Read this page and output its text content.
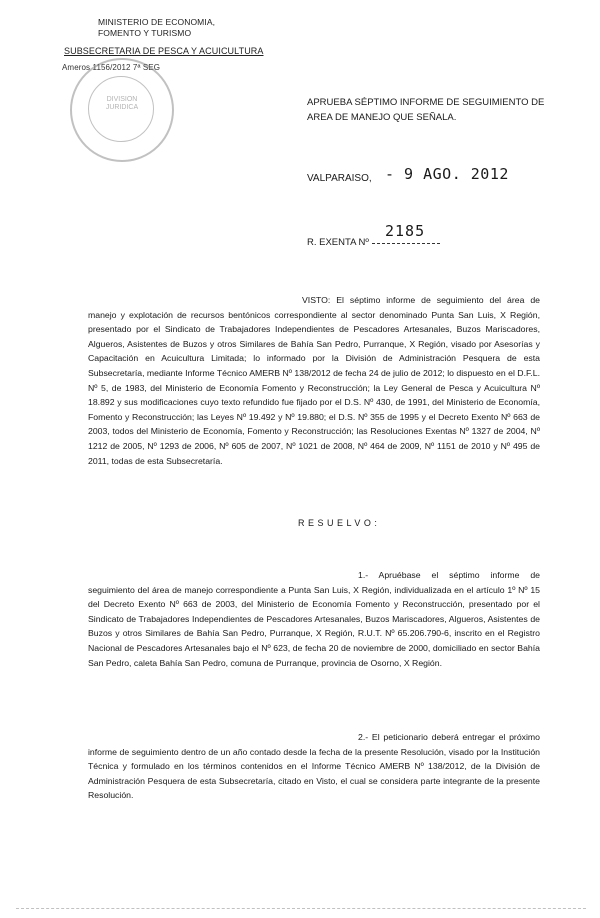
MINISTERIO DE ECONOMIA,
FOMENTO Y TURISMO
SUBSECRETARIA DE PESCA Y ACUICULTURA
Ameros 1156/2012 7ª SEG
DIVISION JURIDICA	APRUEBA SÉPTIMO INFORME DE SEGUIMIENTO DE AREA DE MANEJO QUE SEÑALA.
VALPARAISO, - 9 AGO. 2012
R. EXENTA Nº
2185
VISTO: El séptimo informe de seguimiento del área de manejo y explotación de recursos bentónicos correspondiente al sector denominado Punta San Luis, X Región, presentado por el Sindicato de Trabajadores Independientes de Pescadores Artesanales, Buzos Mariscadores, Algueros, Asistentes de Buzos y otros Similares de Bahía San Pedro, Purranque, X Región, visado por Asesorías y Capacitación en Acuicultura Limitada; lo informado por la División de Administración Pesquera de esta Subsecretaría, mediante Informe Técnico AMERB Nº 138/2012 de fecha 24 de julio de 2012; lo dispuesto en el D.F.L. Nº 5, de 1983, del Ministerio de Economía Fomento y Reconstrucción; la Ley General de Pesca y Acuicultura Nº 18.892 y sus modificaciones cuyo texto refundido fue fijado por el D.S. Nº 430, de 1991, del Ministerio de Economía, Fomento y Reconstrucción; las Leyes Nº 19.492 y Nº 19.880; el D.S. Nº 355 de 1995 y el Decreto Exento Nº 663 de 2003, todos del Ministerio de Economía, Fomento y Reconstrucción; las Resoluciones Exentas Nº 1327 de 2004, Nº 1212 de 2005, Nº 1293 de 2006, Nº 605 de 2007, Nº 1021 de 2008, Nº 464 de 2009, Nº 1151 de 2010 y Nº 495 de 2011, todas de esta Subsecretaría.
RESUELVO:
1.- Apruébase el séptimo informe de seguimiento del área de manejo correspondiente a Punta San Luis, X Región, individualizada en el artículo 1º Nº 15 del Decreto Exento Nº 663 de 2003, del Ministerio de Economía Fomento y Reconstrucción, presentado por el Sindicato de Trabajadores Independientes de Pescadores Artesanales, Buzos Mariscadores, Algueros, Asistentes de Buzos y otros Similares de Bahía San Pedro, Purranque, X Región, R.U.T. Nº 65.206.790-6, inscrito en el Registro Nacional de Pescadores Artesanales bajo el Nº 623, de fecha 20 de noviembre de 2000, domiciliado en sector Bahía San Pedro, caleta Bahía San Pedro, comuna de Purranque, provincia de Osorno, X Región.
2.- El peticionario deberá entregar el próximo informe de seguimiento dentro de un año contado desde la fecha de la presente Resolución, visado por la Institución Técnica y formulado en los términos contenidos en el Informe Técnico AMERB Nº 138/2012, de la División de Administración Pesquera de esta Subsecretaría, citado en Visto, el cual se considera parte integrante de la presente Resolución.
